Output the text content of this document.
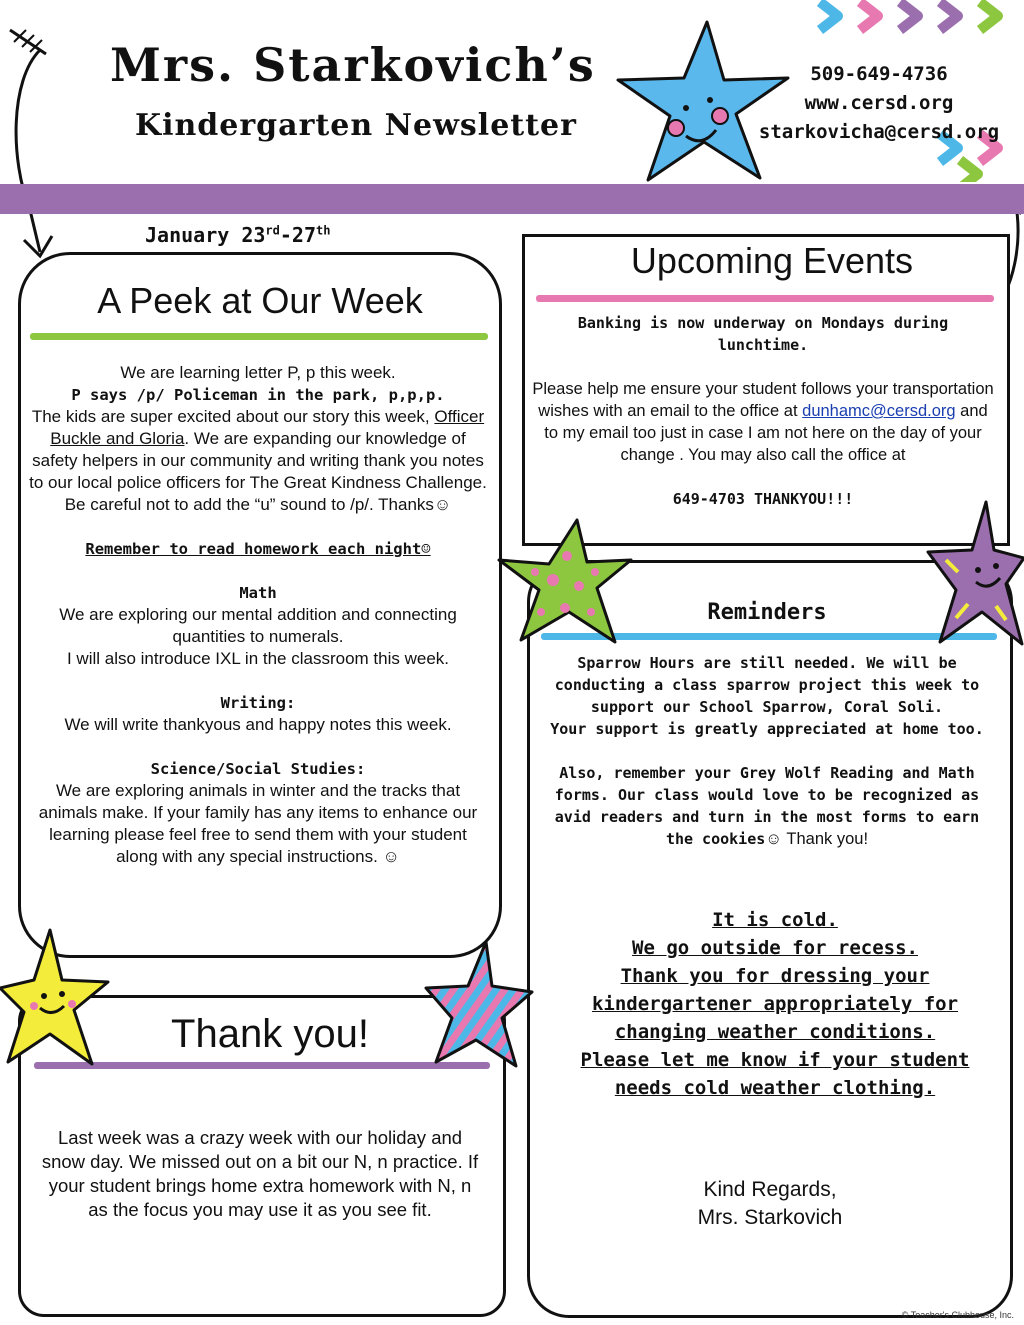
Mrs. Starkovich’s
Kindergarten Newsletter
509-649-4736
www.cersd.org
starkovicha@cersd.org
January 23rd-27th
A Peek at Our Week

We are learning letter P, p this week.

P says /p/ Policeman in the park, p,p,p.

The kids are super excited about our story this week, Officer Buckle and Gloria. We are expanding our knowledge of safety helpers in our community and writing thank you notes to our local police officers for The Great Kindness Challenge.

Be careful not to add the “u” sound to /p/. Thanks☺

Remember to read homework each night☺

Math

We are exploring our mental addition and connecting quantities to numerals.

I will also introduce IXL in the classroom this week.

Writing:

We will write thankyous and happy notes this week.

Science/Social Studies:

We are exploring animals in winter and the tracks that animals make. If your family has any items to enhance our learning please feel free to send them with your student along with any special instructions. ☺

Upcoming Events

Banking is now underway on Mondays during lunchtime.

Please help me ensure your student follows your transportation wishes with an email to the office at dunhamc@cersd.org and to my email too just in case I am not here on the day of your change . You may also call the office at

649-4703 THANKYOU!!!

Reminders

Sparrow Hours are still needed. We will be conducting a class sparrow project this week to support our School Sparrow, Coral Soli.

Your support is greatly appreciated at home too.

Also, remember your Grey Wolf Reading and Math forms. Our class would love to be recognized as avid readers and turn in the most forms to earn the cookies☺ Thank you!

It is cold.

We go outside for recess.

Thank you for dressing your kindergartener appropriately for changing weather conditions.

Please let me know if your student needs cold weather clothing.

Kind Regards,

Mrs. Starkovich

Thank you!
Last week was a crazy week with our holiday and snow day. We missed out on a bit our N, n practice. If your student brings home extra homework with N, n as the focus you may use it as you see fit.
© Teacher's Clubhouse, Inc.
